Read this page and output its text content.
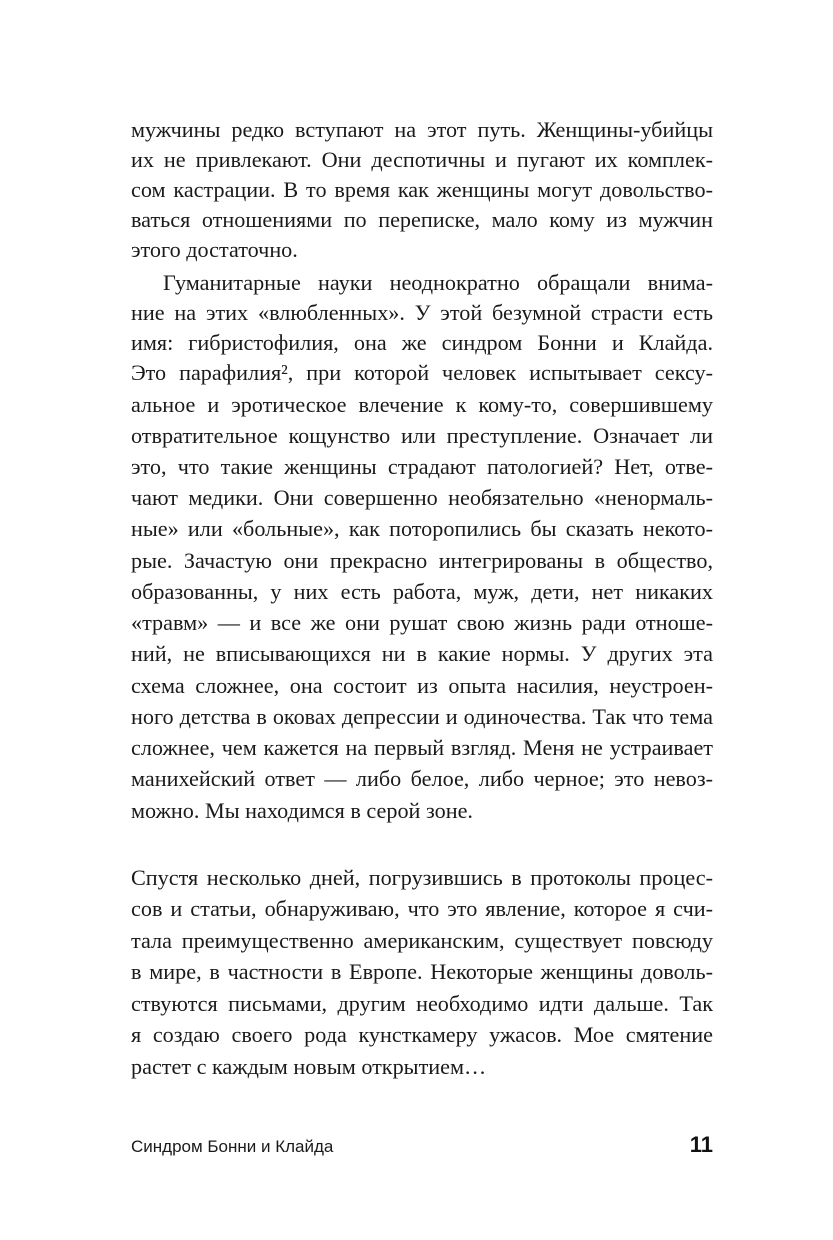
мужчины редко вступают на этот путь. Женщины-убийцы

их не привлекают. Они деспотичны и пугают их комплек-

сом кастрации. В то время как женщины могут довольство-

ваться отношениями по переписке, мало кому из мужчин

этого достаточно.

Гуманитарные науки неоднократно обращали внима-

ние на этих «влюбленных». У этой безумной страсти есть

имя: гибристофилия, она же синдром Бонни и Клайда.

Это парафилия², при которой человек испытывает сексу-

альное и эротическое влечение к кому-то, совершившему

отвратительное кощунство или преступление. Означает ли

это, что такие женщины страдают патологией? Нет, отве-

чают медики. Они совершенно необязательно «ненормаль-

ные» или «больные», как поторопились бы сказать некото-

рые. Зачастую они прекрасно интегрированы в общество,

образованны, у них есть работа, муж, дети, нет никаких

«травм» — и все же они рушат свою жизнь ради отноше-

ний, не вписывающихся ни в какие нормы. У других эта

схема сложнее, она состоит из опыта насилия, неустроен-

ного детства в оковах депрессии и одиночества. Так что тема

сложнее, чем кажется на первый взгляд. Меня не устраивает

манихейский ответ — либо белое, либо черное; это невоз-

можно. Мы находимся в серой зоне.

Спустя несколько дней, погрузившись в протоколы процес-

сов и статьи, обнаруживаю, что это явление, которое я счи-

тала преимущественно американским, существует повсюду

в мире, в частности в Европе. Некоторые женщины доволь-

ствуются письмами, другим необходимо идти дальше. Так

я создаю своего рода кунсткамеру ужасов. Мое смятение

растет с каждым новым открытием…

Синдром Бонни и Клайда	11
